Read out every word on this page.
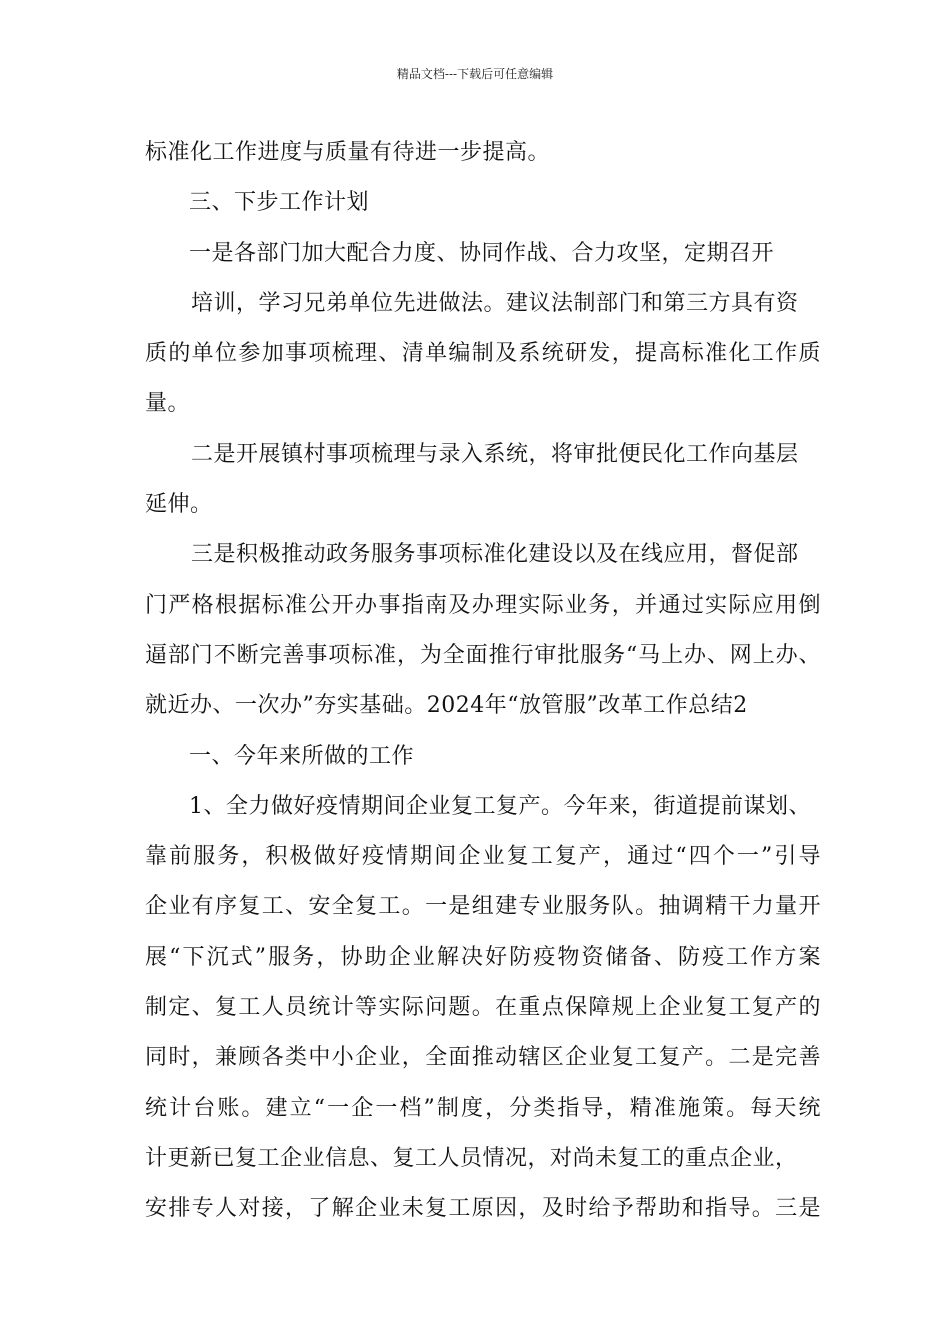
精品文档---下载后可任意编辑
标准化工作进度与质量有待进一步提高。
三、下步工作计划
一是各部门加大配合力度、协同作战、合力攻坚，定期召开
培训，学习兄弟单位先进做法。建议法制部门和第三方具有资
质的单位参加事项梳理、清单编制及系统研发，提高标准化工作质
量。
二是开展镇村事项梳理与录入系统，将审批便民化工作向基层
延伸。
三是积极推动政务服务事项标准化建设以及在线应用，督促部
门严格根据标准公开办事指南及办理实际业务，并通过实际应用倒
逼部门不断完善事项标准，为全面推行审批服务“马上办、网上办、
就近办、一次办”夯实基础。2024年“放管服”改革工作总结2
一、今年来所做的工作
1、全力做好疫情期间企业复工复产。今年来，街道提前谋划、
靠前服务，积极做好疫情期间企业复工复产，通过“四个一”引导
企业有序复工、安全复工。一是组建专业服务队。抽调精干力量开
展“下沉式”服务，协助企业解决好防疫物资储备、防疫工作方案
制定、复工人员统计等实际问题。在重点保障规上企业复工复产的
同时，兼顾各类中小企业，全面推动辖区企业复工复产。二是完善
统计台账。建立“一企一档”制度，分类指导，精准施策。每天统
计更新已复工企业信息、复工人员情况，对尚未复工的重点企业，
安排专人对接，了解企业未复工原因，及时给予帮助和指导。三是
